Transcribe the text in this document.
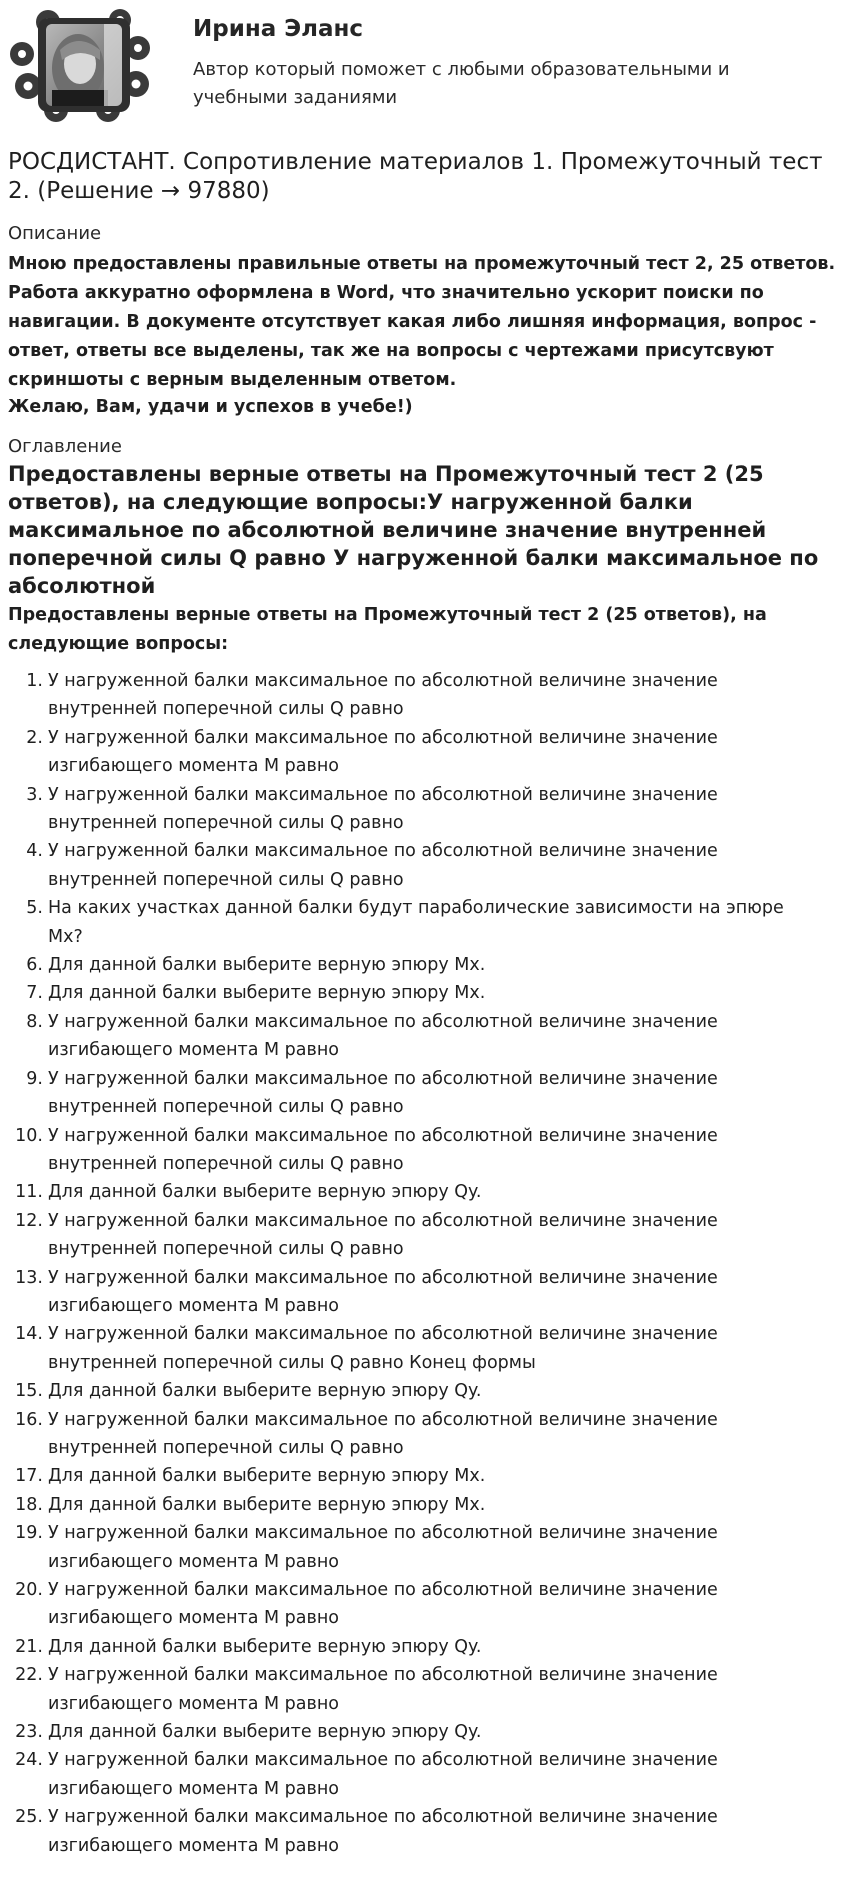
Ирина Эланс
Автор который поможет с любыми образовательными и учебными заданиями
РОСДИСТАНТ. Сопротивление материалов 1. Промежуточный тест 2. (Решение → 97880)
Описание

Мною предоставлены правильные ответы на промежуточный тест 2, 25 ответов. Работа аккуратно оформлена в Word, что значительно ускорит поиски по навигации. В документе отсутствует какая либо лишняя информация, вопрос - ответ, ответы все выделены, так же на вопросы с чертежами присутсвуют скриншоты с верным выделенным ответом.

Желаю, Вам, удачи и успехов в учебе!)

Оглавление
Предоставлены верные ответы на Промежуточный тест 2 (25 ответов), на следующие вопросы:У нагруженной балки максимальное по абсолютной величине значение внутренней поперечной силы Q равно У нагруженной балки максимальное по абсолютной

Предоставлены верные ответы на Промежуточный тест 2 (25 ответов), на следующие вопросы:

1. У нагруженной балки максимальное по абсолютной величине значение внутренней поперечной силы Q равно
2. У нагруженной балки максимальное по абсолютной величине значение изгибающего момента M равно
3. У нагруженной балки максимальное по абсолютной величине значение внутренней поперечной силы Q равно
4. У нагруженной балки максимальное по абсолютной величине значение внутренней поперечной силы Q равно
5. На каких участках данной балки будут параболические зависимости на эпюре Mx?
6. Для данной балки выберите верную эпюру Mx.
7. Для данной балки выберите верную эпюру Mx.
8. У нагруженной балки максимальное по абсолютной величине значение изгибающего момента M равно
9. У нагруженной балки максимальное по абсолютной величине значение внутренней поперечной силы Q равно
10. У нагруженной балки максимальное по абсолютной величине значение внутренней поперечной силы Q равно
11. Для данной балки выберите верную эпюру Qy.
12. У нагруженной балки максимальное по абсолютной величине значение внутренней поперечной силы Q равно
13. У нагруженной балки максимальное по абсолютной величине значение изгибающего момента M равно
14. У нагруженной балки максимальное по абсолютной величине значение внутренней поперечной силы Q равно Конец формы
15. Для данной балки выберите верную эпюру Qy.
16. У нагруженной балки максимальное по абсолютной величине значение внутренней поперечной силы Q равно
17. Для данной балки выберите верную эпюру Mx.
18. Для данной балки выберите верную эпюру Mx.
19. У нагруженной балки максимальное по абсолютной величине значение изгибающего момента M равно
20. У нагруженной балки максимальное по абсолютной величине значение изгибающего момента M равно
21. Для данной балки выберите верную эпюру Qy.
22. У нагруженной балки максимальное по абсолютной величине значение изгибающего момента M равно
23. Для данной балки выберите верную эпюру Qy.
24. У нагруженной балки максимальное по абсолютной величине значение изгибающего момента M равно
25. У нагруженной балки максимальное по абсолютной величине значение изгибающего момента M равно
